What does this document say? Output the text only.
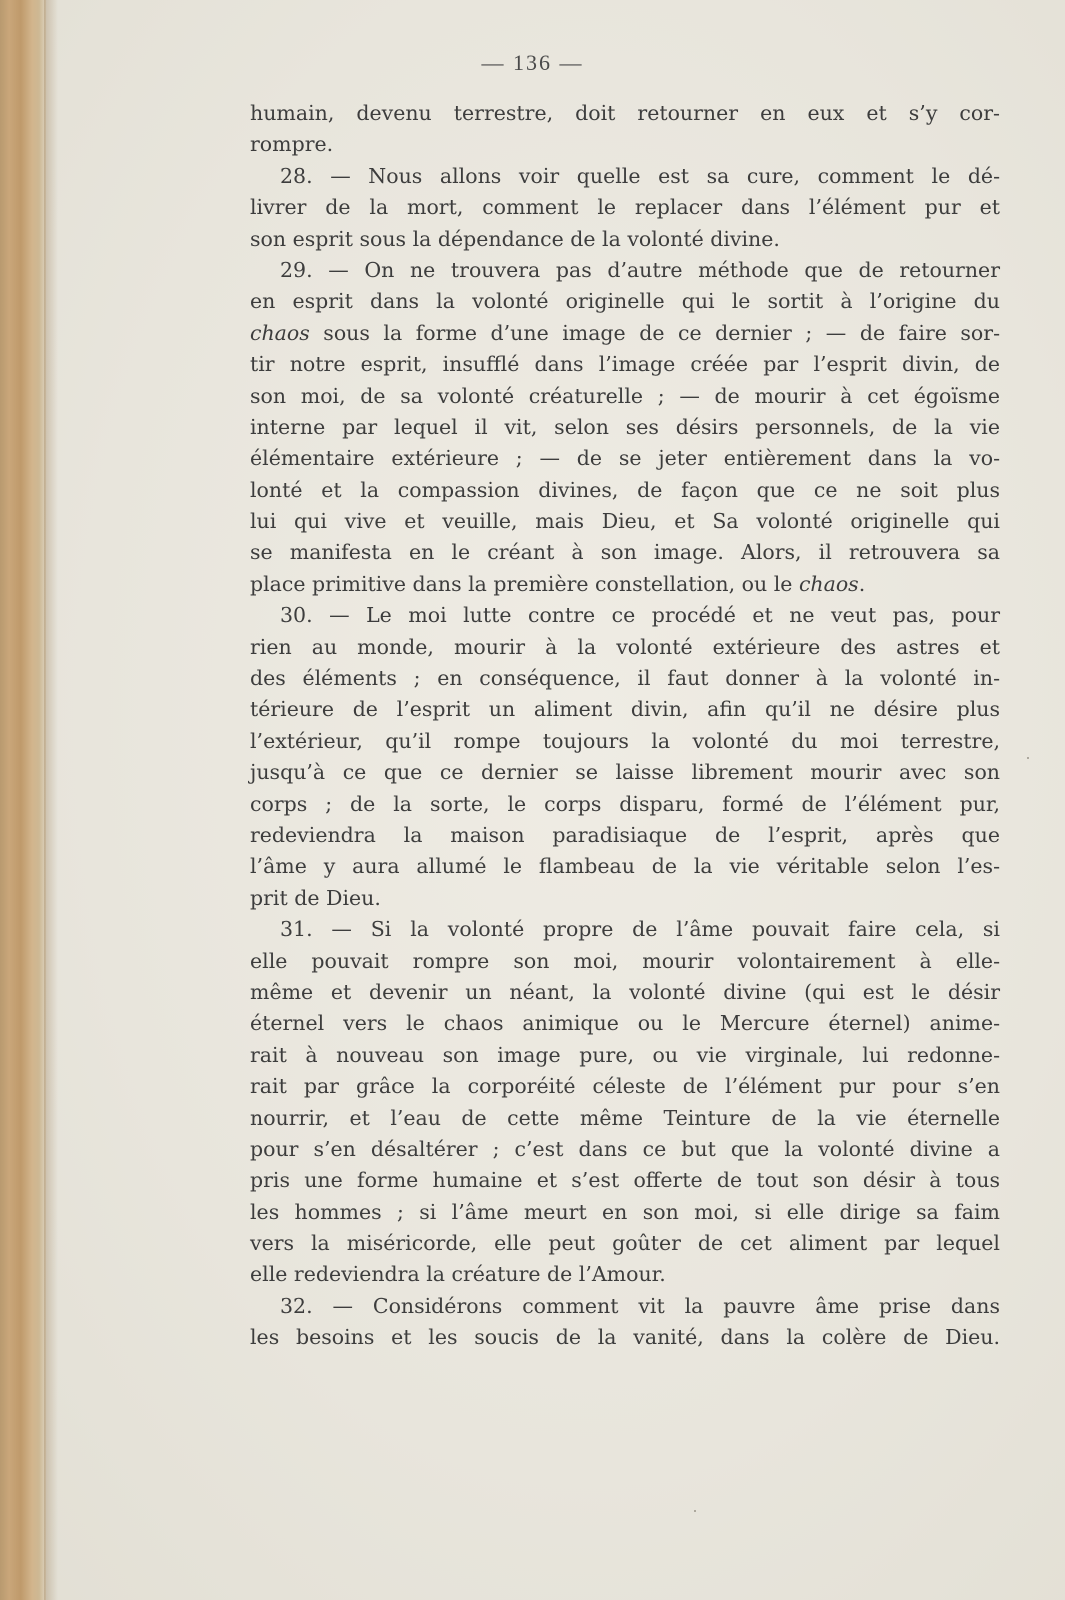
— 136 —
humain, devenu terrestre, doit retourner en eux et s’y cor-
rompre.
28. — Nous allons voir quelle est sa cure, comment le dé-
livrer de la mort, comment le replacer dans l’élément pur et
son esprit sous la dépendance de la volonté divine.
29. — On ne trouvera pas d’autre méthode que de retourner
en esprit dans la volonté originelle qui le sortit à l’origine du
chaos sous la forme d’une image de ce dernier ; — de faire sor-
tir notre esprit, insufflé dans l’image créée par l’esprit divin, de
son moi, de sa volonté créaturelle ; — de mourir à cet égoïsme
interne par lequel il vit, selon ses désirs personnels, de la vie
élémentaire extérieure ; — de se jeter entièrement dans la vo-
lonté et la compassion divines, de façon que ce ne soit plus
lui qui vive et veuille, mais Dieu, et Sa volonté originelle qui
se manifesta en le créant à son image. Alors, il retrouvera sa
place primitive dans la première constellation, ou le chaos.
30. — Le moi lutte contre ce procédé et ne veut pas, pour
rien au monde, mourir à la volonté extérieure des astres et
des éléments ; en conséquence, il faut donner à la volonté in-
térieure de l’esprit un aliment divin, afin qu’il ne désire plus
l’extérieur, qu’il rompe toujours la volonté du moi terrestre,
jusqu’à ce que ce dernier se laisse librement mourir avec son
corps ; de la sorte, le corps disparu, formé de l’élément pur,
redeviendra la maison paradisiaque de l’esprit, après que
l’âme y aura allumé le flambeau de la vie véritable selon l’es-
prit de Dieu.
31. — Si la volonté propre de l’âme pouvait faire cela, si
elle pouvait rompre son moi, mourir volontairement à elle-
même et devenir un néant, la volonté divine (qui est le désir
éternel vers le chaos animique ou le Mercure éternel) anime-
rait à nouveau son image pure, ou vie virginale, lui redonne-
rait par grâce la corporéité céleste de l’élément pur pour s’en
nourrir, et l’eau de cette même Teinture de la vie éternelle
pour s’en désaltérer ; c’est dans ce but que la volonté divine a
pris une forme humaine et s’est offerte de tout son désir à tous
les hommes ; si l’âme meurt en son moi, si elle dirige sa faim
vers la miséricorde, elle peut goûter de cet aliment par lequel
elle redeviendra la créature de l’Amour.
32. — Considérons comment vit la pauvre âme prise dans
les besoins et les soucis de la vanité, dans la colère de Dieu.
